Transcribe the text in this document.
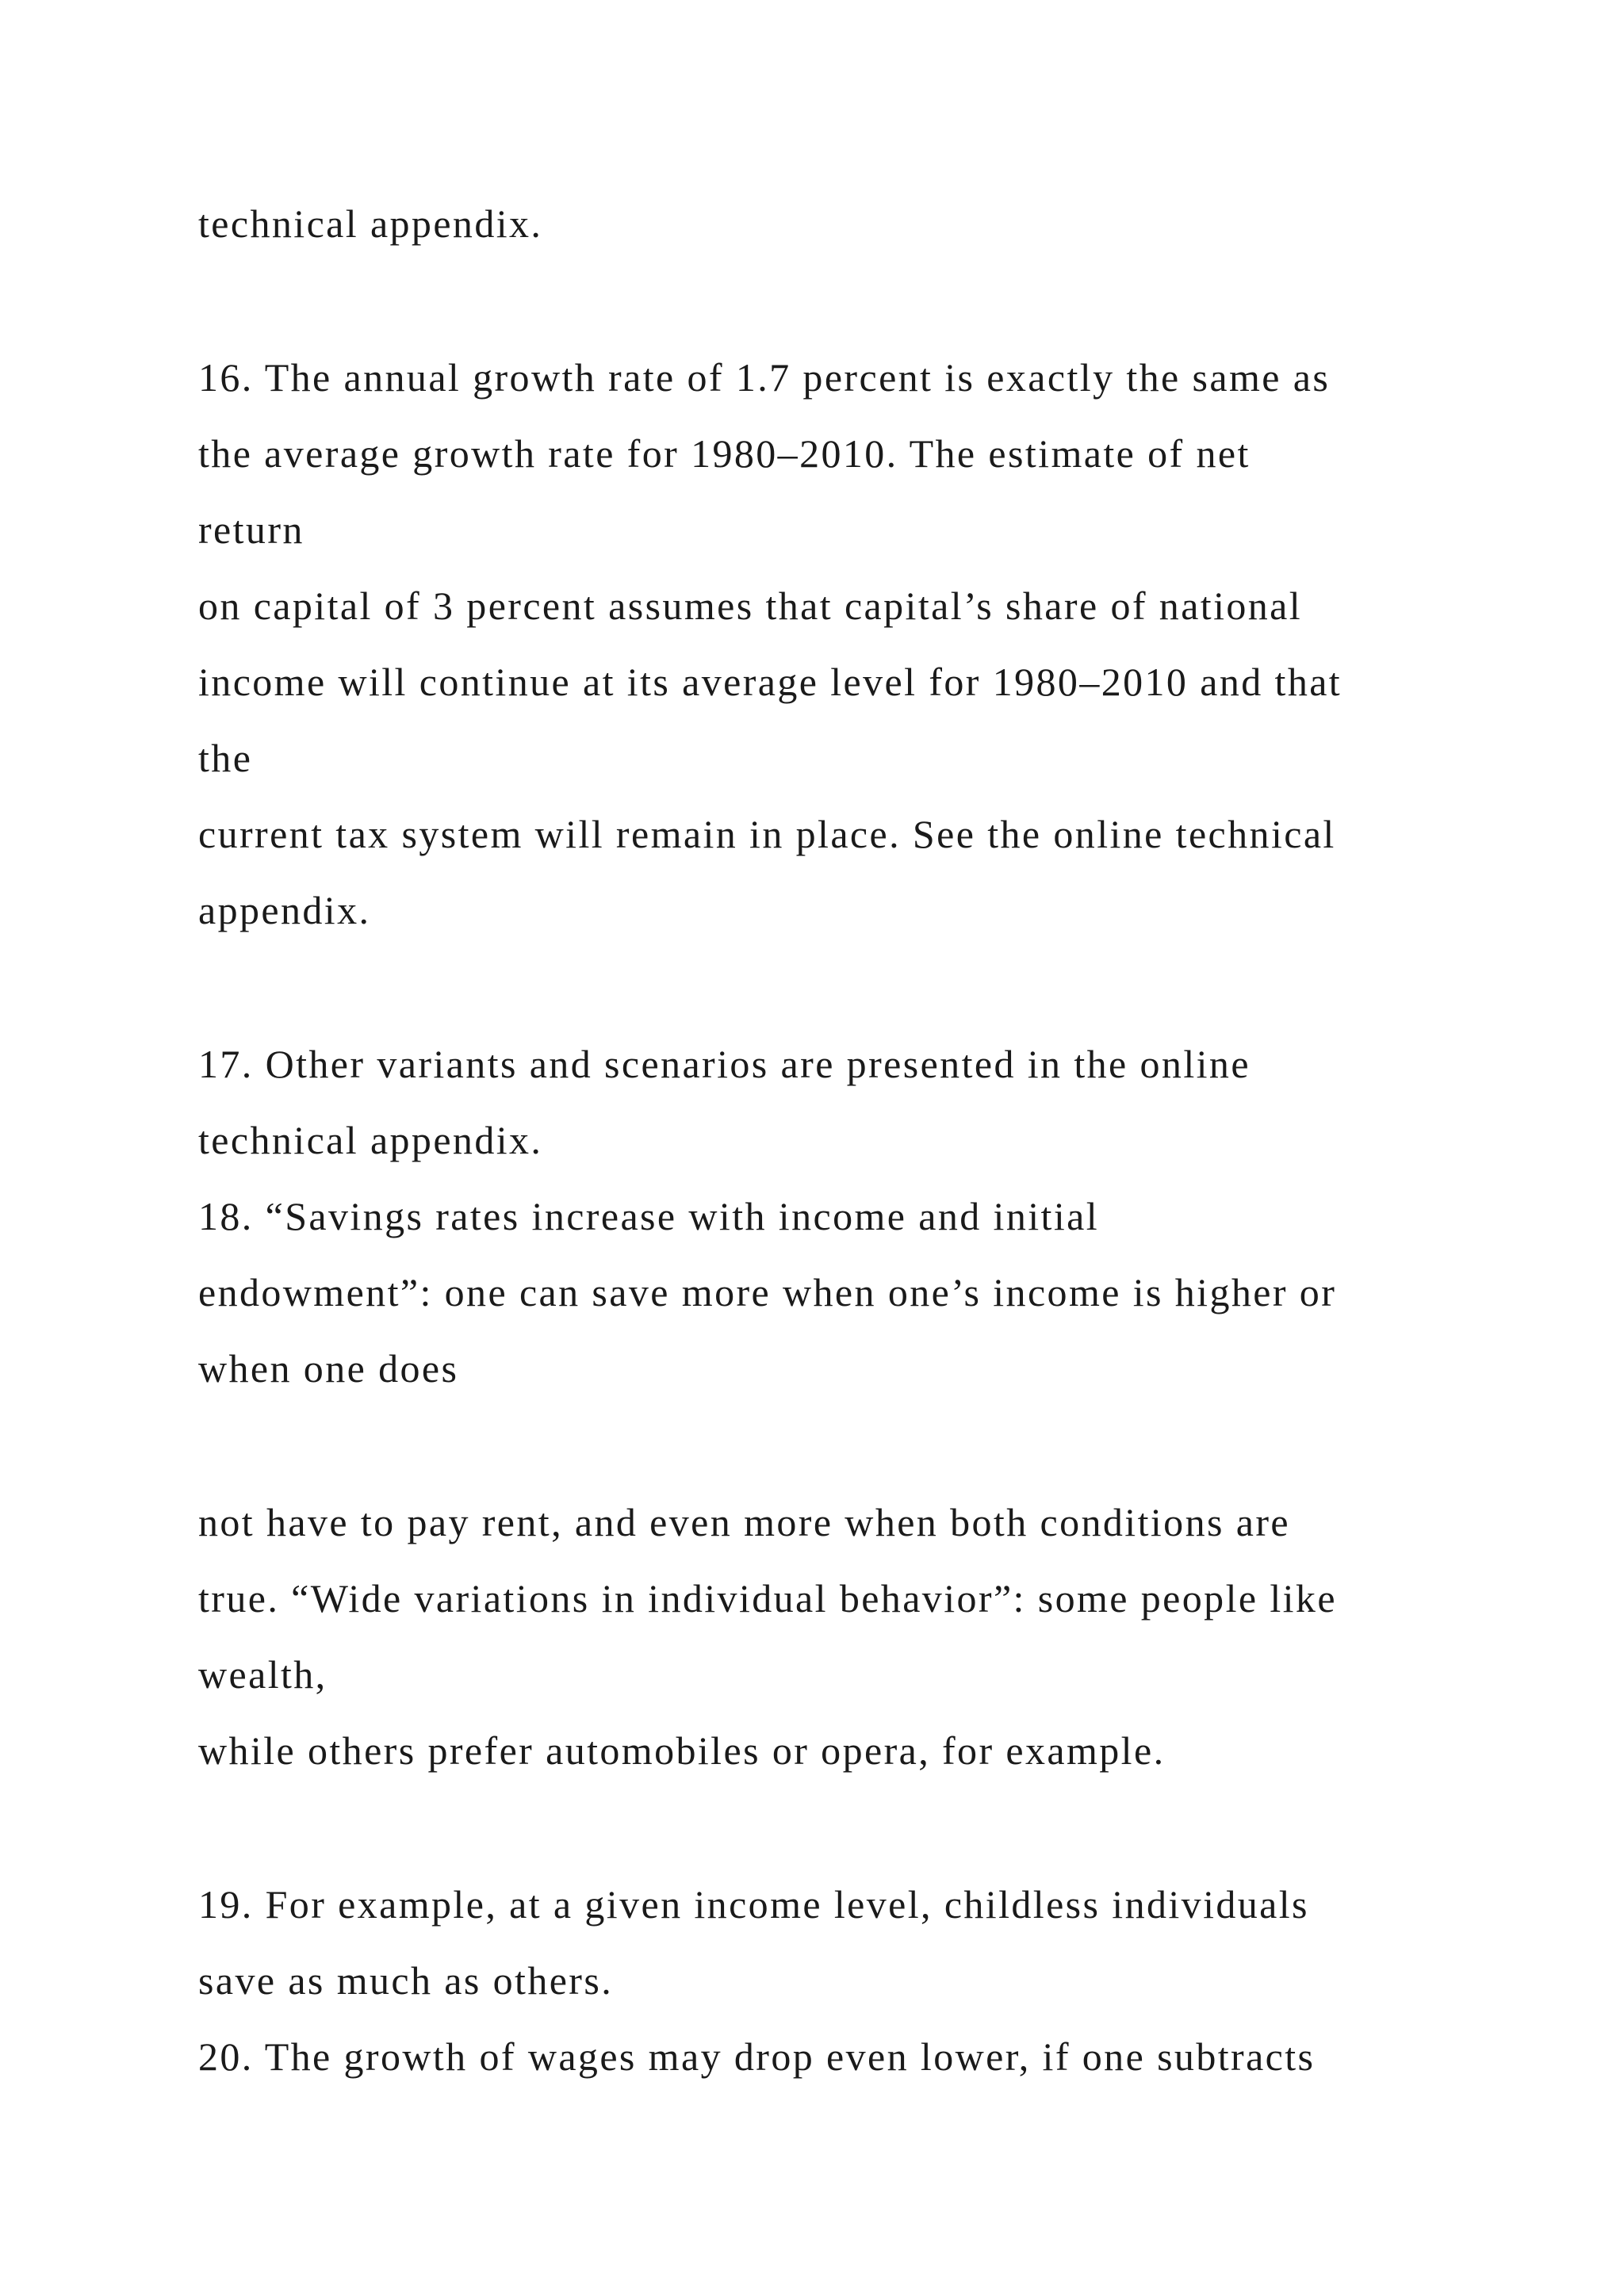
technical appendix.
16. The annual growth rate of 1.7 percent is exactly the same as
the average growth rate for 1980–2010. The estimate of net
return
on capital of 3 percent assumes that capital’s share of national
income will continue at its average level for 1980–2010 and that
the
current tax system will remain in place. See the online technical
appendix.
17. Other variants and scenarios are presented in the online
technical appendix.
18. “Savings rates increase with income and initial
endowment”: one can save more when one’s income is higher or
when one does
not have to pay rent, and even more when both conditions are
true. “Wide variations in individual behavior”: some people like
wealth,
while others prefer automobiles or opera, for example.
19. For example, at a given income level, childless individuals
save as much as others.
20. The growth of wages may drop even lower, if one subtracts
